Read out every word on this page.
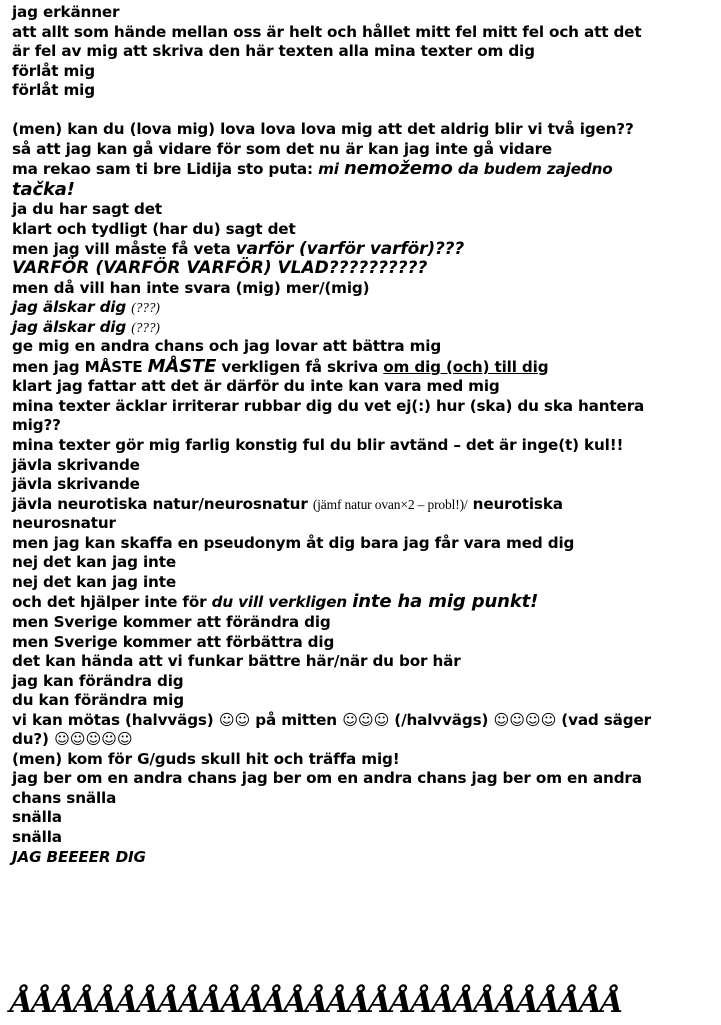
jag erkänner

att allt som hände mellan oss är helt och hållet mitt fel mitt fel och att det är fel av mig att skriva den här texten alla mina texter om dig

förlåt mig

förlåt mig

(men) kan du (lova mig) lova lova lova mig att det aldrig blir vi två igen??

så att jag kan gå vidare för som det nu är kan jag inte gå vidare

ma rekao sam ti bre Lidija sto puta: mi nemožemo da budem zajedno tačka!

ja du har sagt det

klart och tydligt (har du) sagt det

men jag vill måste få veta varför (varför varför)???

VARFÖR (VARFÖR VARFÖR) VLAD??????????

men då vill han inte svara (mig) mer/(mig)

jag älskar dig (???)

jag älskar dig (???)

ge mig en andra chans och jag lovar att bättra mig

men jag MÅSTE MÅSTE verkligen få skriva om dig (och) till dig

klart jag fattar att det är därför du inte kan vara med mig

mina texter äcklar irriterar rubbar dig du vet ej(:) hur (ska) du ska hantera mig??

mina texter gör mig farlig konstig ful du blir avtänd – det är inge(t) kul!!

jävla skrivande

jävla skrivande

jävla neurotiska natur/neurosnatur (jämf natur ovan×2 – probl!)/ neurotiska neurosnatur

men jag kan skaffa en pseudonym åt dig bara jag får vara med dig

nej det kan jag inte

nej det kan jag inte

och det hjälper inte för du vill verkligen inte ha mig punkt!

men Sverige kommer att förändra dig

men Sverige kommer att förbättra dig

det kan hända att vi funkar bättre här/när du bor här

jag kan förändra dig

du kan förändra mig

vi kan mötas (halvvägs) ☺☺ på mitten ☺☺☺ (/halvvägs) ☺☺☺☺ (vad säger du?) ☺☺☺☺☺

(men) kom för G/guds skull hit och träffa mig!

jag ber om en andra chans jag ber om en andra chans jag ber om en andra chans snälla

snälla

snälla

JAG BEEEER DIG

ÅÅÅÅÅÅÅÅÅÅÅÅÅÅÅÅÅÅÅÅÅÅÅÅÅÅÅÅÅ
